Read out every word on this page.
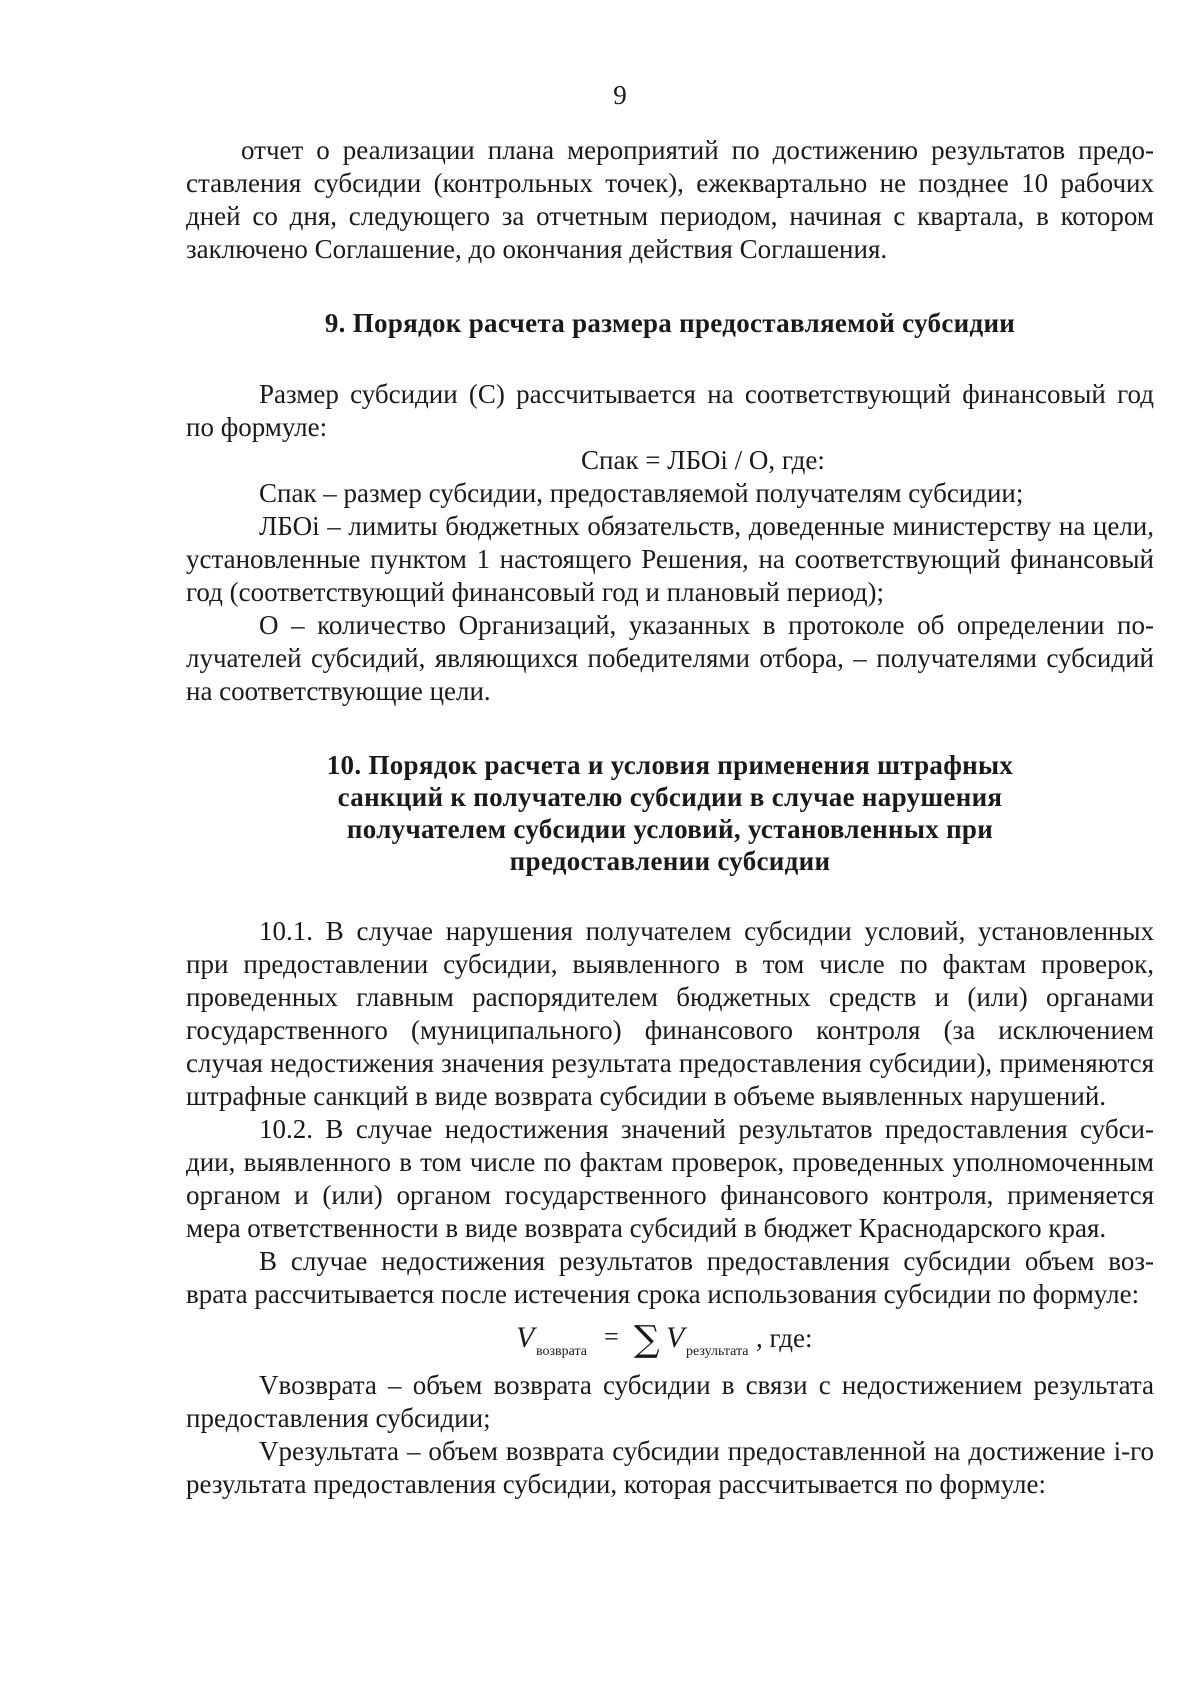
9

отчет о реализации плана мероприятий по достижению результатов предоставления субсидии (контрольных точек), ежеквартально не позднее 10 рабочих дней со дня, следующего за отчетным периодом, начиная с квартала, в котором заключено Соглашение, до окончания действия Соглашения.

9. Порядок расчета размера предоставляемой субсидии

Размер субсидии (С) рассчитывается на соответствующий финансовый год по формуле:

Спак = ЛБОi / О, где:

Спак – размер субсидии, предоставляемой получателям субсидии;

ЛБОi – лимиты бюджетных обязательств, доведенные министерству на цели, установленные пунктом 1 настоящего Решения, на соответствующий финансовый год (соответствующий финансовый год и плановый период);

О – количество Организаций, указанных в протоколе об определении получателей субсидий, являющихся победителями отбора, – получателями субсидий на соответствующие цели.

10. Порядок расчета и условия применения штрафных
санкций к получателю субсидии в случае нарушения
получателем субсидии условий, установленных при
предоставлении субсидии

10.1. В случае нарушения получателем субсидии условий, установленных при предоставлении субсидии, выявленного в том числе по фактам проверок, проведенных главным распорядителем бюджетных средств и (или) органами государственного (муниципального) финансового контроля (за исключением случая недостижения значения результата предоставления субсидии), применяются штрафные санкций в виде возврата субсидии в объеме выявленных нарушений.

10.2. В случае недостижения значений результатов предоставления субсидии, выявленного в том числе по фактам проверок, проведенных уполномоченным органом и (или) органом государственного финансового контроля, применяется мера ответственности в виде возврата субсидий в бюджет Краснодарского края.

В случае недостижения результатов предоставления субсидии объем возврата рассчитывается после истечения срока использования субсидии по формуле:

V возврата
= ∑ V результата , где:

Vвозврата – объем возврата субсидии в связи с недостижением результата предоставления субсидии;

Vрезультата – объем возврата субсидии предоставленной на достижение i-го результата предоставления субсидии, которая рассчитывается по формуле:
